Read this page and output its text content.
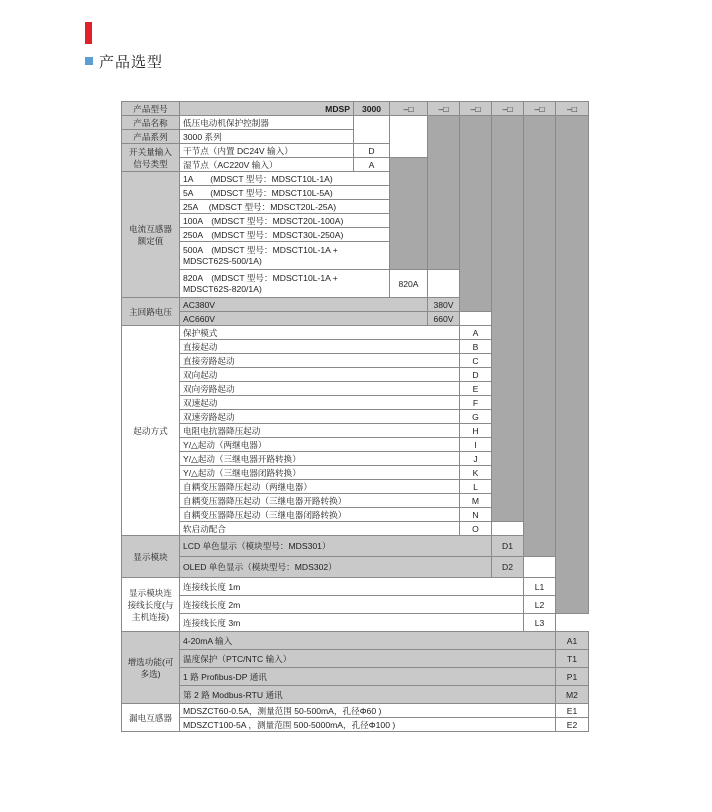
产品选型
产品型号		MDSP	3000	–□	–□	–□	–□	–□	–□	
产品名称	低压电动机保护控制器									
产品系列	3000 系列									
开关量输入信号类型	干节点（内置 DC24V 输入）		D							
	湿节点（AC220V 输入）		A							
电流互感器额定值	1A　　(MDSCT 型号：MDSCT10L-1A)	
	5A　　(MDSCT 型号：MDSCT10L-5A)	
	25A　 (MDSCT 型号：MDSCT20L-25A)	
	100A　(MDSCT 型号：MDSCT20L-100A)	
	250A　(MDSCT 型号：MDSCT30L-250A)	
	500A　(MDSCT 型号：MDSCT10L-1A + MDSCT62S-500/1A)	
	820A　(MDSCT 型号：MDSCT10L-1A + MDSCT62S-820/1A)			820A						
主回路电压	AC380V				380V					
	AC660V				660V					
起动方式	保护模式					A				
	直接起动					B				
	直接旁路起动					C				
	双向起动					D				
	双向旁路起动					E				
	双速起动					F				
	双速旁路起动					G				
	电阻电抗器降压起动					H				
	Y/△起动（两继电器）					I				
	Y/△起动（三继电器开路转换）					J				
	Y/△起动（三继电器闭路转换）					K				
	自耦变压器降压起动（两继电器）					L				
	自耦变压器降压起动（三继电器开路转换）					M				
	自耦变压器降压起动（三继电器闭路转换）					N				
	软启动配合					O				
显示模块	LCD 单色显示（模块型号：MDS301）						D1			
	OLED 单色显示（模块型号：MDS302）						D2			
显示模块连接线长度(与主机连接)	连接线长度 1m							L1		
	连接线长度 2m							L2		
	连接线长度 3m							L3		
增选功能(可多选)	4-20mA 输入								A1	
	温度保护（PTC/NTC 输入）								T1	
	1 路 Profibus-DP 通讯								P1	
	第 2 路 Modbus-RTU 通讯								M2	
漏电互感器	MDSZCT60-0.5A，测量范围 50-500mA，孔径Φ60 )								E1	
	MDSZCT100-5A ，测量范围 500-5000mA，孔径Φ100 )								E2	
